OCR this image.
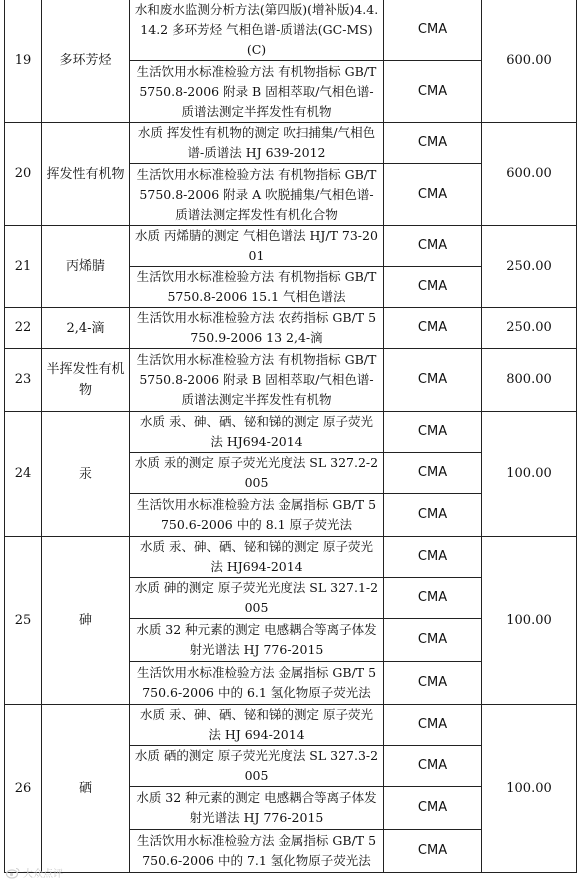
19	多环芳烃	水和废水监测分析方法(第四版)(增补版)4.4.14.2 多环芳烃 气相色谱-质谱法(GC-MS)(C)	CMA	600.00
		生活饮用水标准检验方法 有机物指标 GB/T 5750.8-2006 附录 B 固相萃取/气相色谱-质谱法测定半挥发性有机物	CMA	
20	挥发性有机物	水质 挥发性有机物的测定 吹扫捕集/气相色谱-质谱法 HJ 639-2012	CMA	600.00
		生活饮用水标准检验方法 有机物指标 GB/T 5750.8-2006 附录 A 吹脱捕集/气相色谱-质谱法测定挥发性有机化合物	CMA	
21	丙烯腈	水质 丙烯腈的测定 气相色谱法 HJ/T 73-2001	CMA	250.00
		生活饮用水标准检验方法 有机物指标 GB/T 5750.8-2006 15.1 气相色谱法	CMA	
22	2,4-滴	生活饮用水标准检验方法 农药指标 GB/T 5750.9-2006 13 2,4-滴	CMA	250.00
23	半挥发性有机物	生活饮用水标准检验方法 有机物指标 GB/T 5750.8-2006 附录 B 固相萃取/气相色谱-质谱法测定半挥发性有机物	CMA	800.00
24	汞	水质 汞、砷、硒、铋和锑的测定 原子荧光法 HJ694-2014	CMA	100.00
		水质 汞的测定 原子荧光光度法 SL 327.2-2005	CMA	
		生活饮用水标准检验方法 金属指标 GB/T 5750.6-2006 中的 8.1 原子荧光法	CMA	
25	砷	水质 汞、砷、硒、铋和锑的测定 原子荧光法 HJ694-2014	CMA	100.00
		水质 砷的测定 原子荧光光度法 SL 327.1-2005	CMA	
		水质 32 种元素的测定 电感耦合等离子体发射光谱法 HJ 776-2015	CMA	
		生活饮用水标准检验方法 金属指标 GB/T 5750.6-2006 中的 6.1 氢化物原子荧光法	CMA	
26	硒	水质 汞、砷、硒、铋和锑的测定 原子荧光法 HJ 694-2014	CMA	100.00
		水质 硒的测定 原子荧光光度法 SL 327.3-2005	CMA	
		水质 32 种元素的测定 电感耦合等离子体发射光谱法 HJ 776-2015	CMA	
		生活饮用水标准检验方法 金属指标 GB/T 5750.6-2006 中的 7.1 氢化物原子荧光法	CMA	
大众点评
